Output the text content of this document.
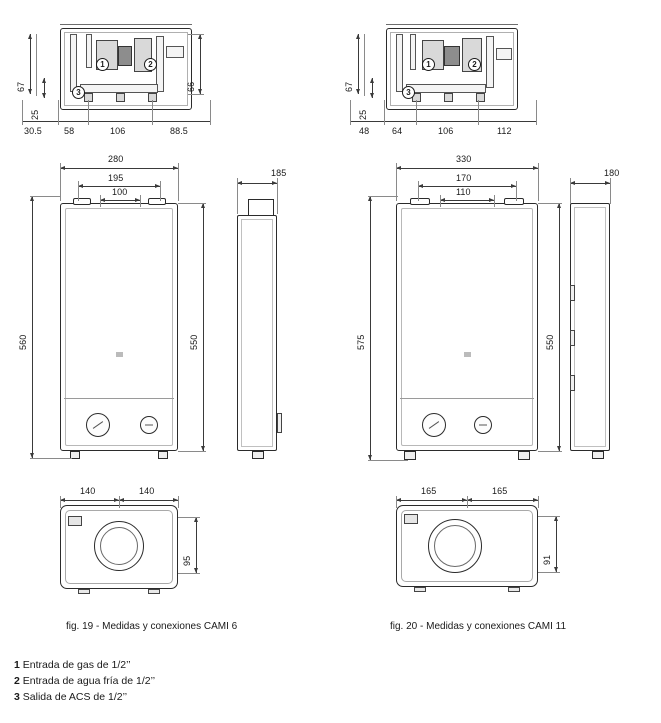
1	2
3
67
25
66
30.5 58	106	88.5
280
195
100
560	550
185
140	140
95
fig. 19 - Medidas y conexiones CAMI 6
1	2
3
67
25
48	64	106	112
330
170
110
575	550
180
165	165
91
fig. 20 - Medidas y conexiones CAMI 11
1 Entrada de gas de 1/2’’
2 Entrada de agua fría de 1/2’’
3 Salida de ACS de 1/2’’
